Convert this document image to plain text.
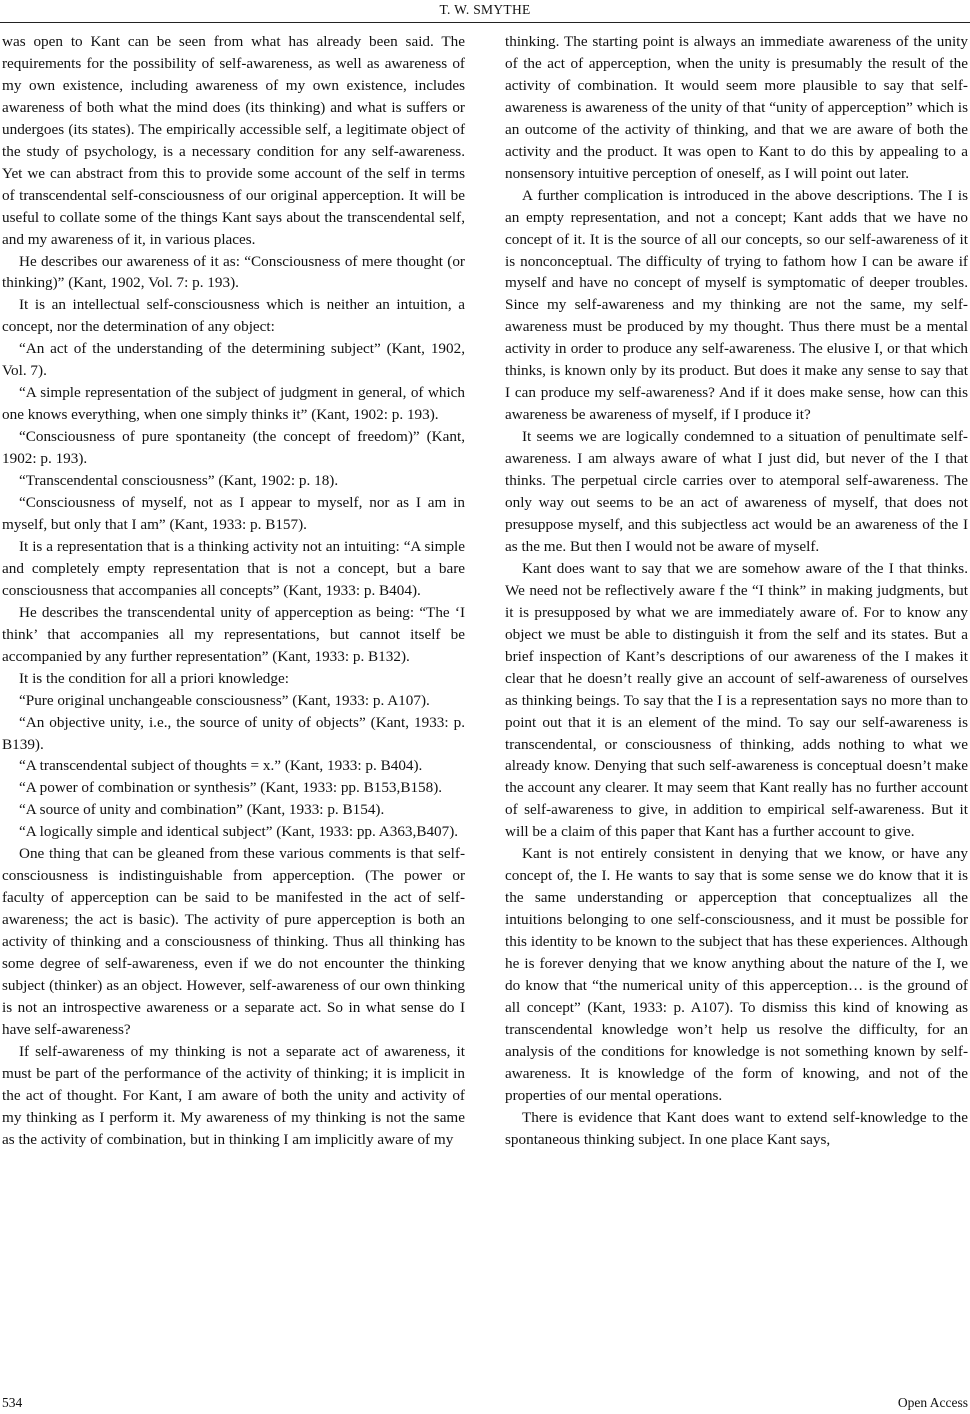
T. W. SMYTHE

was open to Kant can be seen from what has already been said. The requirements for the possibility of self-awareness, as well as awareness of my own existence, including awareness of my own existence, includes awareness of both what the mind does (its thinking) and what is suffers or undergoes (its states). The empirically accessible self, a legitimate object of the study of psychology, is a necessary condition for any self-awareness. Yet we can abstract from this to provide some account of the self in terms of transcendental self-consciousness of our original apperception. It will be useful to collate some of the things Kant says about the transcendental self, and my awareness of it, in various places.

He describes our awareness of it as: “Consciousness of mere thought (or thinking)” (Kant, 1902, Vol. 7: p. 193).

It is an intellectual self-consciousness which is neither an intuition, a concept, nor the determination of any object:

“An act of the understanding of the determining subject” (Kant, 1902, Vol. 7).

“A simple representation of the subject of judgment in general, of which one knows everything, when one simply thinks it” (Kant, 1902: p. 193).

“Consciousness of pure spontaneity (the concept of freedom)” (Kant, 1902: p. 193).

“Transcendental consciousness” (Kant, 1902: p. 18).

“Consciousness of myself, not as I appear to myself, nor as I am in myself, but only that I am” (Kant, 1933: p. B157).

It is a representation that is a thinking activity not an intuiting: “A simple and completely empty representation that is not a concept, but a bare consciousness that accompanies all concepts” (Kant, 1933: p. B404).

He describes the transcendental unity of apperception as being: “The ‘I think’ that accompanies all my representations, but cannot itself be accompanied by any further representation” (Kant, 1933: p. B132).

It is the condition for all a priori knowledge:

“Pure original unchangeable consciousness” (Kant, 1933: p. A107).

“An objective unity, i.e., the source of unity of objects” (Kant, 1933: p. B139).

“A transcendental subject of thoughts = x.” (Kant, 1933: p. B404).

“A power of combination or synthesis” (Kant, 1933: pp. B153,B158).

“A source of unity and combination” (Kant, 1933: p. B154).

“A logically simple and identical subject” (Kant, 1933: pp. A363,B407).

One thing that can be gleaned from these various comments is that self-consciousness is indistinguishable from apperception. (The power or faculty of apperception can be said to be manifested in the act of self-awareness; the act is basic). The activity of pure apperception is both an activity of thinking and a consciousness of thinking. Thus all thinking has some degree of self-awareness, even if we do not encounter the thinking subject (thinker) as an object. However, self-awareness of our own thinking is not an introspective awareness or a separate act. So in what sense do I have self-awareness?

If self-awareness of my thinking is not a separate act of awareness, it must be part of the performance of the activity of thinking; it is implicit in the act of thought. For Kant, I am aware of both the unity and activity of my thinking as I perform it. My awareness of my thinking is not the same as the activity of combination, but in thinking I am implicitly aware of my

thinking. The starting point is always an immediate awareness of the unity of the act of apperception, when the unity is presumably the result of the activity of combination. It would seem more plausible to say that self-awareness is awareness of the unity of that “unity of apperception” which is an outcome of the activity of thinking, and that we are aware of both the activity and the product. It was open to Kant to do this by appealing to a nonsensory intuitive perception of oneself, as I will point out later.

A further complication is introduced in the above descriptions. The I is an empty representation, and not a concept; Kant adds that we have no concept of it. It is the source of all our concepts, so our self-awareness of it is nonconceptual. The difficulty of trying to fathom how I can be aware if myself and have no concept of myself is symptomatic of deeper troubles. Since my self-awareness and my thinking are not the same, my self-awareness must be produced by my thought. Thus there must be a mental activity in order to produce any self-awareness. The elusive I, or that which thinks, is known only by its product. But does it make any sense to say that I can produce my self-awareness? And if it does make sense, how can this awareness be awareness of myself, if I produce it?

It seems we are logically condemned to a situation of penultimate self-awareness. I am always aware of what I just did, but never of the I that thinks. The perpetual circle carries over to atemporal self-awareness. The only way out seems to be an act of awareness of myself, that does not presuppose myself, and this subjectless act would be an awareness of the I as the me. But then I would not be aware of myself.

Kant does want to say that we are somehow aware of the I that thinks. We need not be reflectively aware f the “I think” in making judgments, but it is presupposed by what we are immediately aware of. For to know any object we must be able to distinguish it from the self and its states. But a brief inspection of Kant’s descriptions of our awareness of the I makes it clear that he doesn’t really give an account of self-awareness of ourselves as thinking beings. To say that the I is a representation says no more than to point out that it is an element of the mind. To say our self-awareness is transcendental, or consciousness of thinking, adds nothing to what we already know. Denying that such self-awareness is conceptual doesn’t make the account any clearer. It may seem that Kant really has no further account of self-awareness to give, in addition to empirical self-awareness. But it will be a claim of this paper that Kant has a further account to give.

Kant is not entirely consistent in denying that we know, or have any concept of, the I. He wants to say that is some sense we do know that it is the same understanding or apperception that conceptualizes all the intuitions belonging to one self-consciousness, and it must be possible for this identity to be known to the subject that has these experiences. Although he is forever denying that we know anything about the nature of the I, we do know that “the numerical unity of this apperception… is the ground of all concept” (Kant, 1933: p. A107). To dismiss this kind of knowing as transcendental knowledge won’t help us resolve the difficulty, for an analysis of the conditions for knowledge is not something known by self-awareness. It is knowledge of the form of knowing, and not of the properties of our mental operations.

There is evidence that Kant does want to extend self-knowledge to the spontaneous thinking subject. In one place Kant says,

534	Open Access
